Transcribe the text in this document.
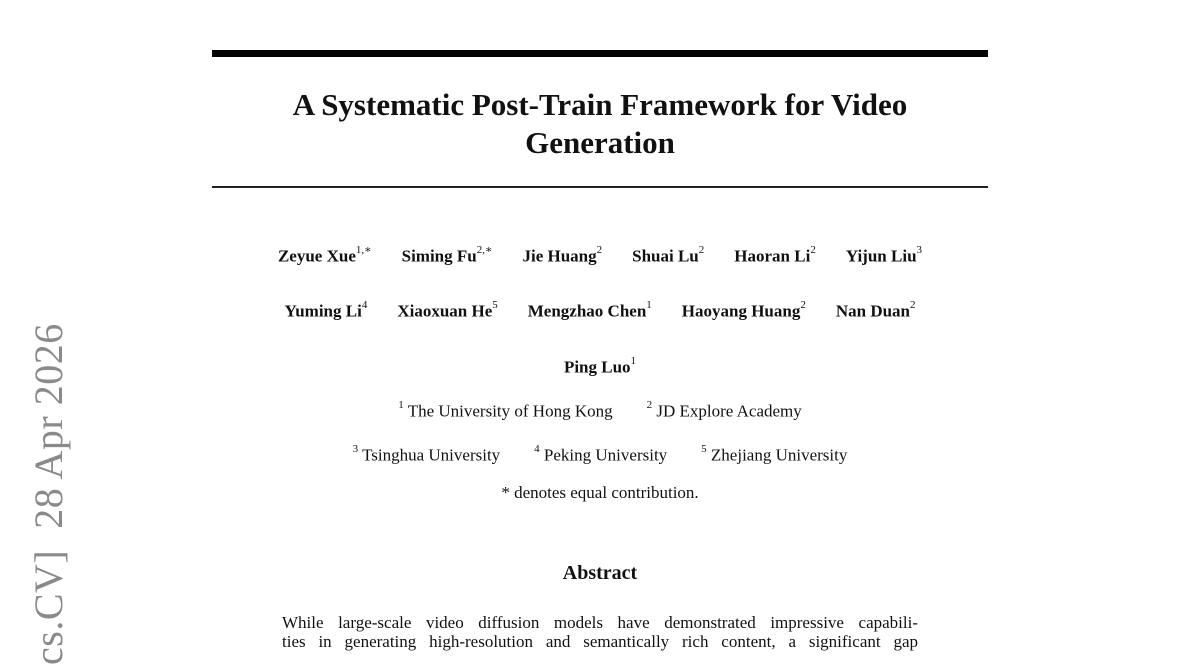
cs.CV]  28 Apr 2026
A Systematic Post-Train Framework for Video
Generation
Zeyue Xue$^{1,∗}$ Siming $Fu^{2,∗}$ Jie Huang$^2$ Shuai Lu$^2$ Haoran Li$^2$ Yijun Liu$^3$
Yuming Li$^4$ Xiaoxuan He$^5$ Mengzhao Chen$^1$ Haoyang Huang$^2$ Nan Duan$^2$
Ping Luo$^1$
$^1$ The University of Hong Kong	$^2$ JD Explore Academy
$^3$ Tsinghua University	$^4$ Peking University	$^5$ Zhejiang University
* denotes equal contribution.
Abstract
While large-scale video diffusion models have demonstrated impressive capabili-
ties in generating high-resolution and semantically rich content, a significant gap
